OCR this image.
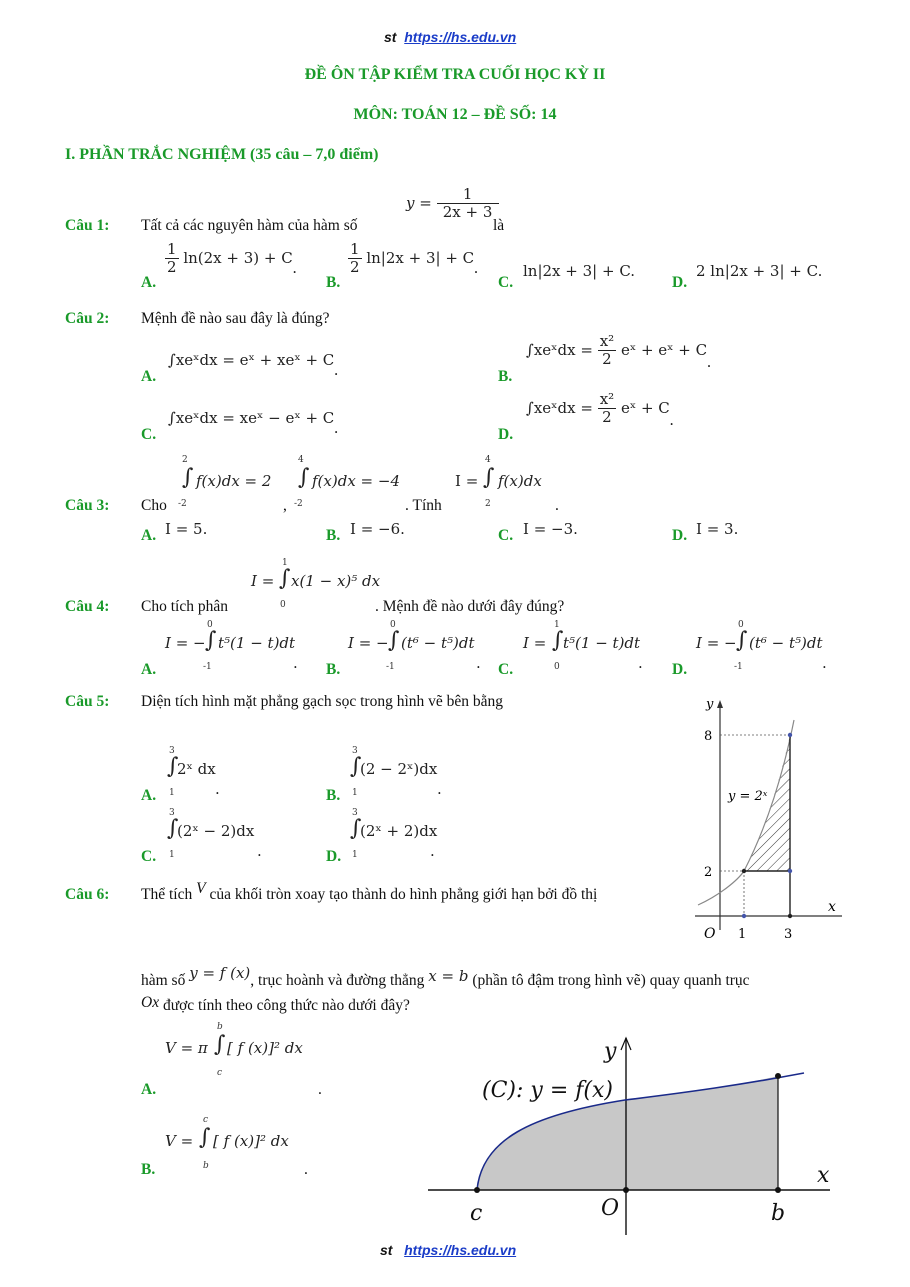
st https://hs.edu.vn
ĐỀ ÔN TẬP KIỂM TRA CUỐI HỌC KỲ II
MÔN: TOÁN 12 – ĐỀ SỐ: 14
I. PHẦN TRẮC NGHIỆM (35 câu – 7,0 điểm)
Câu 1: Tất cả các nguyên hàm của hàm số
$y = \frac{1}{2x + 3}$
là
A.
$\frac{1}{2} \ln(2x + 3) + C$.
B.
$\frac{1}{2} \ln|2x + 3| + C$.
C.
ln|2x + 3| + C.
D.
2 ln|2x + 3| + C.
Câu 2: Mệnh đề nào sau đây là đúng?
A.
∫xeˣdx = eˣ + xeˣ + C.	B.
∫xeˣdx = $\frac{\text{x²}}{2}$ eˣ + eˣ + C.
C.
∫xeˣdx = xeˣ − eˣ + C.	D.
∫xeˣdx = $\frac{\text{x²}}{2}$ eˣ + C.
Câu 3: Cho
2
∫
-2
f(x)dx = 2
,
4
∫
-2
f(x)dx = −4
. Tính
I =
4
∫
2
f(x)dx
.
A. I = 5.	B. I = −6.	C. I = −3.	D. I = 3.
Câu 4: Cho tích phân
I =
1
∫
0
x(1 − x)⁵ dx
. Mệnh đề nào dưới đây đúng?
A.
I = −
0
∫
-1
t⁵(1 − t)dt
. B.
I = −
0
∫
-1
(t⁶ − t⁵)dt
. C.
I =
1
∫
0
t⁵(1 − t)dt
. D.
I = −
0
∫
-1
(t⁶ − t⁵)dt
.
Câu 5: Diện tích hình mặt phẳng gạch sọc trong hình vẽ bên bằng
A.
3
∫
1
2ˣ dx
.	B.
3
∫
1
(2 − 2ˣ)dx
.
C.
3
∫
1
(2ˣ − 2)dx
.	D.
3
∫
1
(2ˣ + 2)dx
.
y
x
O
8
2
1	3
y = 2ˣ
Câu 6: Thể tích V của khối tròn xoay tạo thành do hình phẳng giới hạn bởi đồ thị
hàm số y = f (x), trục hoành và đường thẳng x = b (phần tô đậm trong hình vẽ) quay quanh trục
Ox được tính theo công thức nào dưới đây?
A.
V = π
b
∫
c
[ f (x)]² dx
.
B.
V =
c
∫
b
[ f (x)]² dx
.
(C): y = f(x)
y
x
O
c	b
st https://hs.edu.vn
